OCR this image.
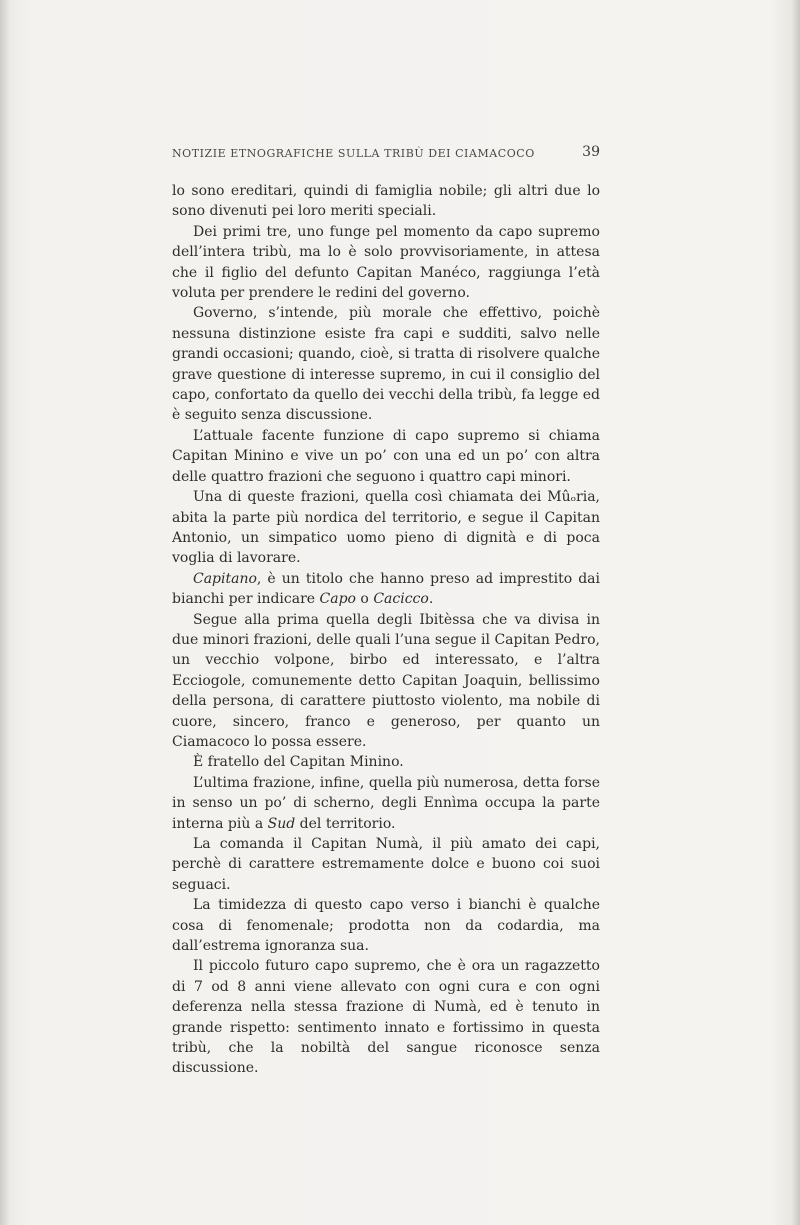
NOTIZIE ETNOGRAFICHE SULLA TRIBÙ DEI CIAMACOCO	39

lo sono ereditari, quindi di famiglia nobile; gli altri due lo sono divenuti pei loro meriti speciali.

Dei primi tre, uno funge pel momento da capo supremo dell’intera tribù, ma lo è solo provvisoriamente, in attesa che il figlio del defunto Capitan Manéco, raggiunga l’età voluta per prendere le redini del governo.

Governo, s’intende, più morale che effettivo, poichè nessuna distinzione esiste fra capi e sudditi, salvo nelle grandi occasioni; quando, cioè, si tratta di risolvere qualche grave questione di interesse supremo, in cui il consiglio del capo, confortato da quello dei vecchi della tribù, fa legge ed è seguito senza discussione.

L’attuale facente funzione di capo supremo si chiama Capitan Minino e vive un po’ con una ed un po’ con altra delle quattro frazioni che seguono i quattro capi minori.

Una di queste frazioni, quella così chiamata dei Mûₒria, abita la parte più nordica del territorio, e segue il Capitan Antonio, un simpatico uomo pieno di dignità e di poca voglia di lavorare.

Capitano, è un titolo che hanno preso ad imprestito dai bianchi per indicare Capo o Cacicco.

Segue alla prima quella degli Ibitèssa che va divisa in due minori frazioni, delle quali l’una segue il Capitan Pedro, un vecchio volpone, birbo ed interessato, e l’altra Ecciogole, comunemente detto Capitan Joaquin, bellissimo della persona, di carattere piuttosto violento, ma nobile di cuore, sincero, franco e generoso, per quanto un Ciamacoco lo possa essere.

È fratello del Capitan Minino.

L’ultima frazione, infine, quella più numerosa, detta forse in senso un po’ di scherno, degli Ennìma occupa la parte interna più a Sud del territorio.

La comanda il Capitan Numà, il più amato dei capi, perchè di carattere estremamente dolce e buono coi suoi seguaci.

La timidezza di questo capo verso i bianchi è qualche cosa di fenomenale; prodotta non da codardia, ma dall’estrema ignoranza sua.

Il piccolo futuro capo supremo, che è ora un ragazzetto di 7 od 8 anni viene allevato con ogni cura e con ogni deferenza nella stessa frazione di Numà, ed è tenuto in grande rispetto: sentimento innato e fortissimo in questa tribù, che la nobiltà del sangue riconosce senza discussione.
